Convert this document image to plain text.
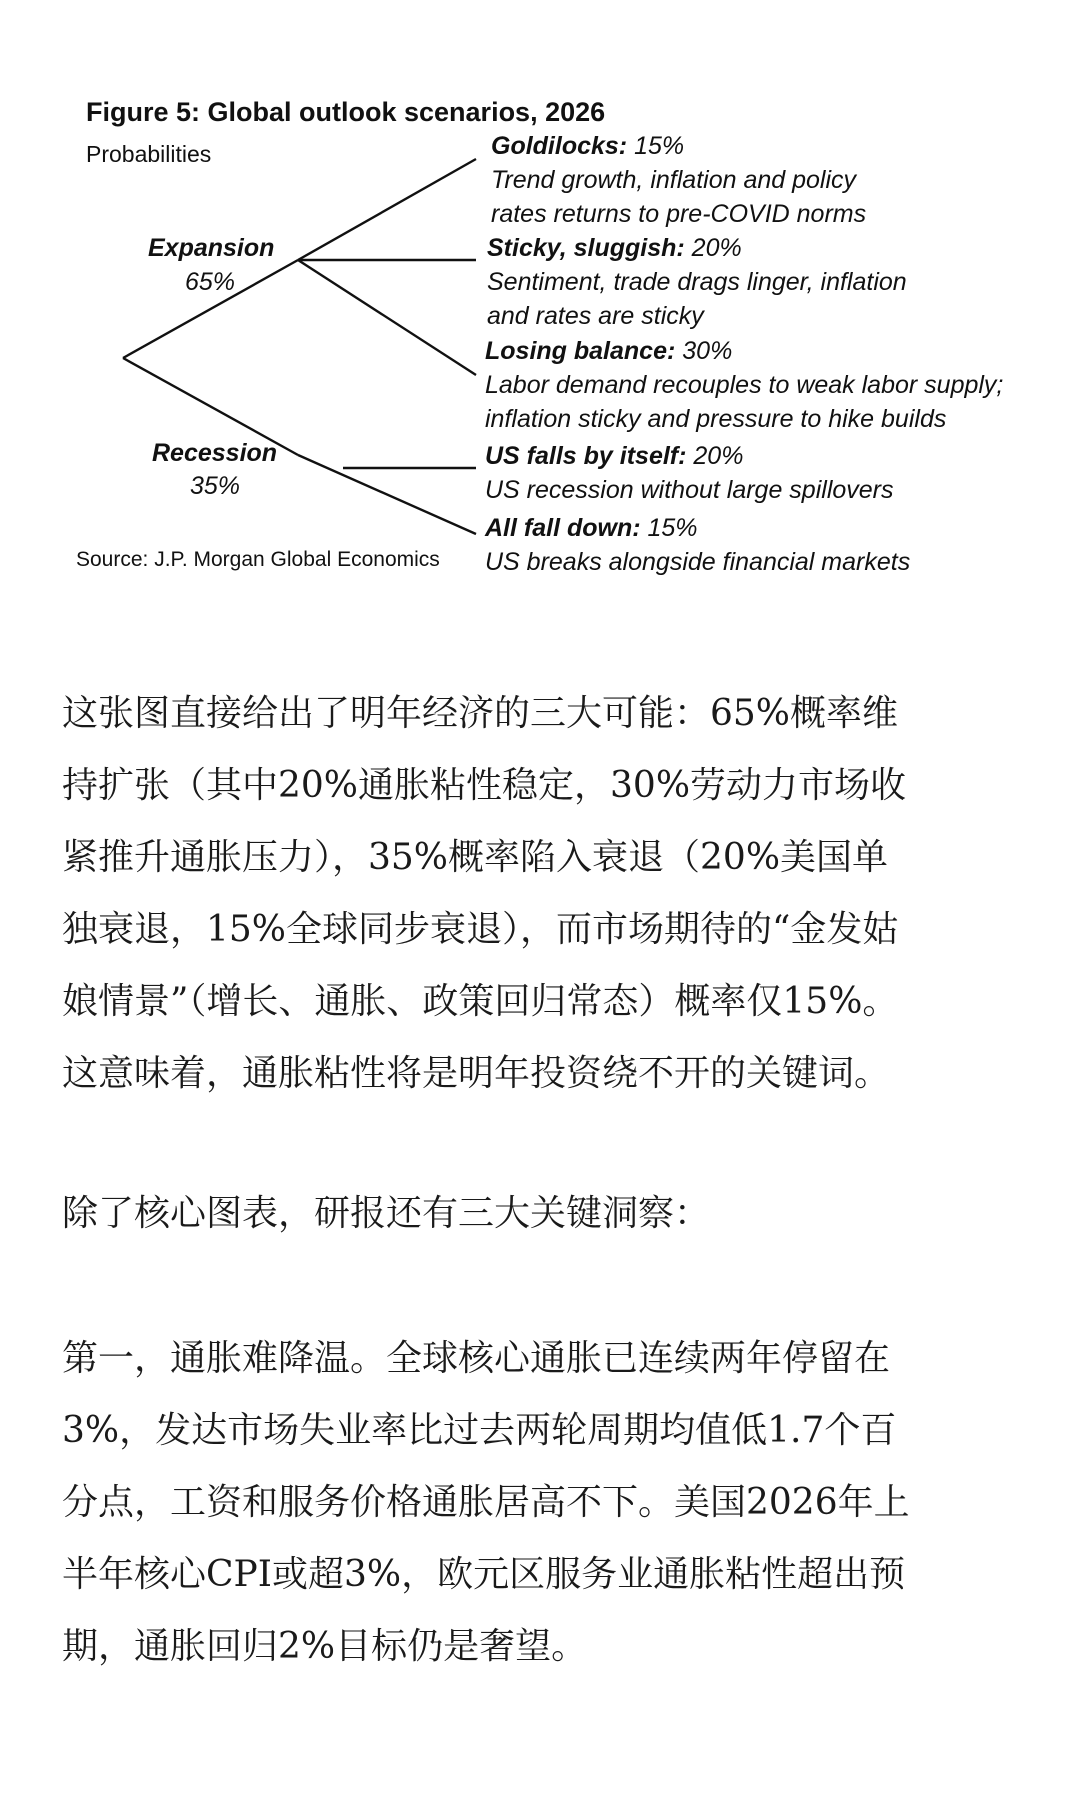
Figure 5: Global outlook scenarios, 2026
Probabilities
Expansion
65%
Recession
35%
Goldilocks: 15%
Trend growth, inflation and policy
rates returns to pre-COVID norms
Sticky, sluggish: 20%
Sentiment, trade drags linger, inflation
and rates are sticky
Losing balance: 30%
Labor demand recouples to weak labor supply;
inflation sticky and pressure to hike builds
US falls by itself: 20%
US recession without large spillovers
All fall down: 15%
US breaks alongside financial markets
Source: J.P. Morgan Global Economics
这张图直接给出了明年经济的三大可能：65%概率维
持扩张（其中20%通胀粘性稳定，30%劳动力市场收
紧推升通胀压力），35%概率陷入衰退（20%美国单
独衰退，15%全球同步衰退），而市场期待的“金发姑
娘情景”（增长、通胀、政策回归常态）概率仅15%。
这意味着，通胀粘性将是明年投资绕不开的关键词。
除了核心图表，研报还有三大关键洞察：
第一，通胀难降温。全球核心通胀已连续两年停留在
3%，发达市场失业率比过去两轮周期均值低1.7个百
分点，工资和服务价格通胀居高不下。美国2026年上
半年核心CPI或超3%，欧元区服务业通胀粘性超出预
期，通胀回归2%目标仍是奢望。
